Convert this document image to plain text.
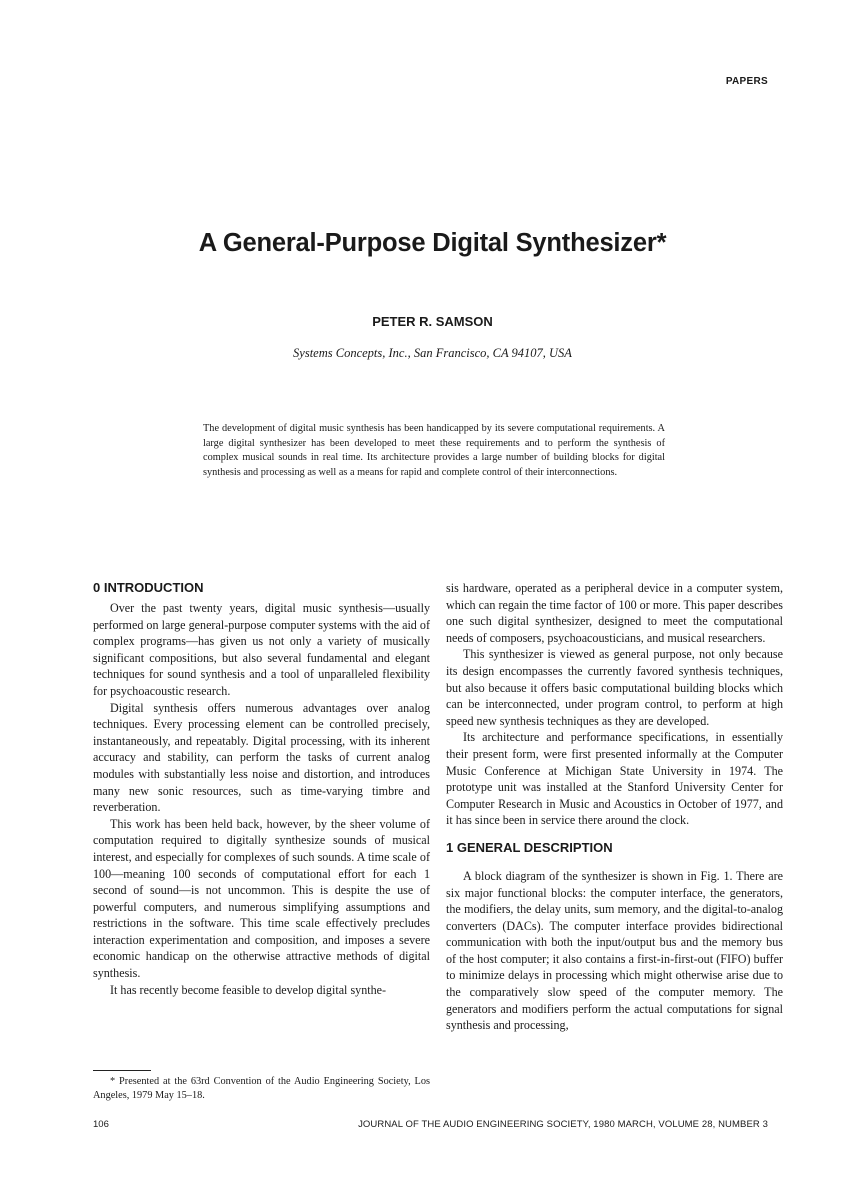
PAPERS
A General-Purpose Digital Synthesizer*
PETER R. SAMSON
Systems Concepts, Inc., San Francisco, CA 94107, USA
The development of digital music synthesis has been handicapped by its severe computational requirements. A large digital synthesizer has been developed to meet these requirements and to perform the synthesis of complex musical sounds in real time. Its architecture provides a large number of building blocks for digital synthesis and processing as well as a means for rapid and complete control of their interconnections.
0 INTRODUCTION

Over the past twenty years, digital music synthesis—usually performed on large general-purpose computer systems with the aid of complex programs—has given us not only a variety of musically significant compositions, but also several fundamental and elegant techniques for sound synthesis and a tool of unparalleled flexibility for psychoacoustic research.

Digital synthesis offers numerous advantages over analog techniques. Every processing element can be controlled precisely, instantaneously, and repeatably. Digital processing, with its inherent accuracy and stability, can perform the tasks of current analog modules with substantially less noise and distortion, and introduces many new sonic resources, such as time-varying timbre and reverberation.

This work has been held back, however, by the sheer volume of computation required to digitally synthesize sounds of musical interest, and especially for complexes of such sounds. A time scale of 100—meaning 100 seconds of computational effort for each 1 second of sound—is not uncommon. This is despite the use of powerful computers, and numerous simplifying assumptions and restrictions in the software. This time scale effectively precludes interaction experimentation and composition, and imposes a severe economic handicap on the otherwise attractive methods of digital synthesis.

It has recently become feasible to develop digital synthe-

sis hardware, operated as a peripheral device in a computer system, which can regain the time factor of 100 or more. This paper describes one such digital synthesizer, designed to meet the computational needs of composers, psychoacousticians, and musical researchers.

This synthesizer is viewed as general purpose, not only because its design encompasses the currently favored synthesis techniques, but also because it offers basic computational building blocks which can be interconnected, under program control, to perform at high speed new synthesis techniques as they are developed.

Its architecture and performance specifications, in essentially their present form, were first presented informally at the Computer Music Conference at Michigan State University in 1974. The prototype unit was installed at the Stanford University Center for Computer Research in Music and Acoustics in October of 1977, and it has since been in service there around the clock.

1 GENERAL DESCRIPTION

A block diagram of the synthesizer is shown in Fig. 1. There are six major functional blocks: the computer interface, the generators, the modifiers, the delay units, sum memory, and the digital-to-analog converters (DACs). The computer interface provides bidirectional communication with both the input/output bus and the memory bus of the host computer; it also contains a first-in-first-out (FIFO) buffer to minimize delays in processing which might otherwise arise due to the comparatively slow speed of the computer memory. The generators and modifiers perform the actual computations for signal synthesis and processing,

* Presented at the 63rd Convention of the Audio Engineering Society, Los Angeles, 1979 May 15–18.
106	JOURNAL OF THE AUDIO ENGINEERING SOCIETY, 1980 MARCH, VOLUME 28, NUMBER 3
